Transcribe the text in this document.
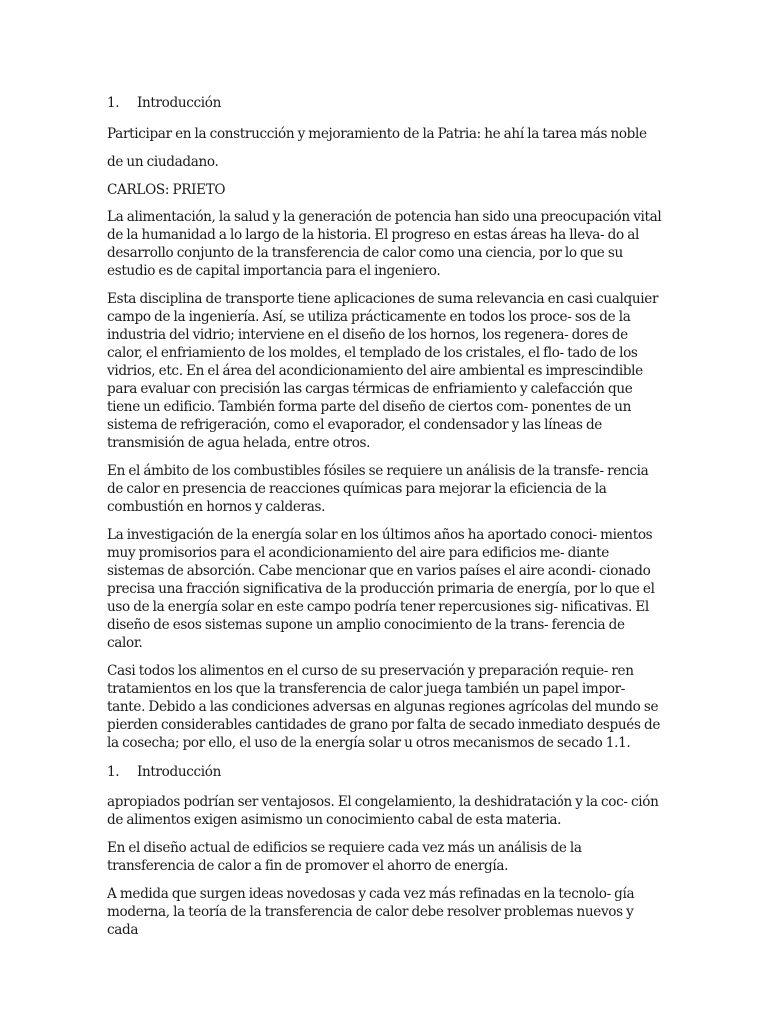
1.	Introducción

Participar en la construcción y mejoramiento de la Patria: he ahí la tarea más noble de un ciudadano.

CARLOS: PRIETO

La alimentación, la salud y la generación de potencia han sido una preocupación vital de la humanidad a lo largo de la historia. El progreso en estas áreas ha lleva- do al desarrollo conjunto de la transferencia de calor como una ciencia, por lo que su estudio es de capital importancia para el ingeniero.

Esta disciplina de transporte tiene aplicaciones de suma relevancia en casi cualquier campo de la ingeniería. Así, se utiliza prácticamente en todos los proce- sos de la industria del vidrio; interviene en el diseño de los hornos, los regenera- dores de calor, el enfriamiento de los moldes, el templado de los cristales, el flo- tado de los vidrios, etc. En el área del acondicionamiento del aire ambiental es imprescindible para evaluar con precisión las cargas térmicas de enfriamiento y calefacción que tiene un edificio. También forma parte del diseño de ciertos com- ponentes de un sistema de refrigeración, como el evaporador, el condensador y las líneas de transmisión de agua helada, entre otros.

En el ámbito de los combustibles fósiles se requiere un análisis de la transfe- rencia de calor en presencia de reacciones químicas para mejorar la eficiencia de la combustión en hornos y calderas.

La investigación de la energía solar en los últimos años ha aportado conoci- mientos muy promisorios para el acondicionamiento del aire para edificios me- diante sistemas de absorción. Cabe mencionar que en varios países el aire acondi- cionado precisa una fracción significativa de la producción primaria de energía, por lo que el uso de la energía solar en este campo podría tener repercusiones sig- nificativas. El diseño de esos sistemas supone un amplio conocimiento de la trans- ferencia de calor.

Casi todos los alimentos en el curso de su preservación y preparación requie- ren tratamientos en los que la transferencia de calor juega también un papel impor- tante. Debido a las condiciones adversas en algunas regiones agrícolas del mundo se pierden considerables cantidades de grano por falta de secado inmediato después de la cosecha; por ello, el uso de la energía solar u otros mecanismos de secado 1.1.

1.	Introducción

apropiados podrían ser ventajosos. El congelamiento, la deshidratación y la coc- ción de alimentos exigen asimismo un conocimiento cabal de esta materia.

En el diseño actual de edificios se requiere cada vez más un análisis de la transferencia de calor a fin de promover el ahorro de energía.

A medida que surgen ideas novedosas y cada vez más refinadas en la tecnolo- gía moderna, la teoría de la transferencia de calor debe resolver problemas nuevos y cada
